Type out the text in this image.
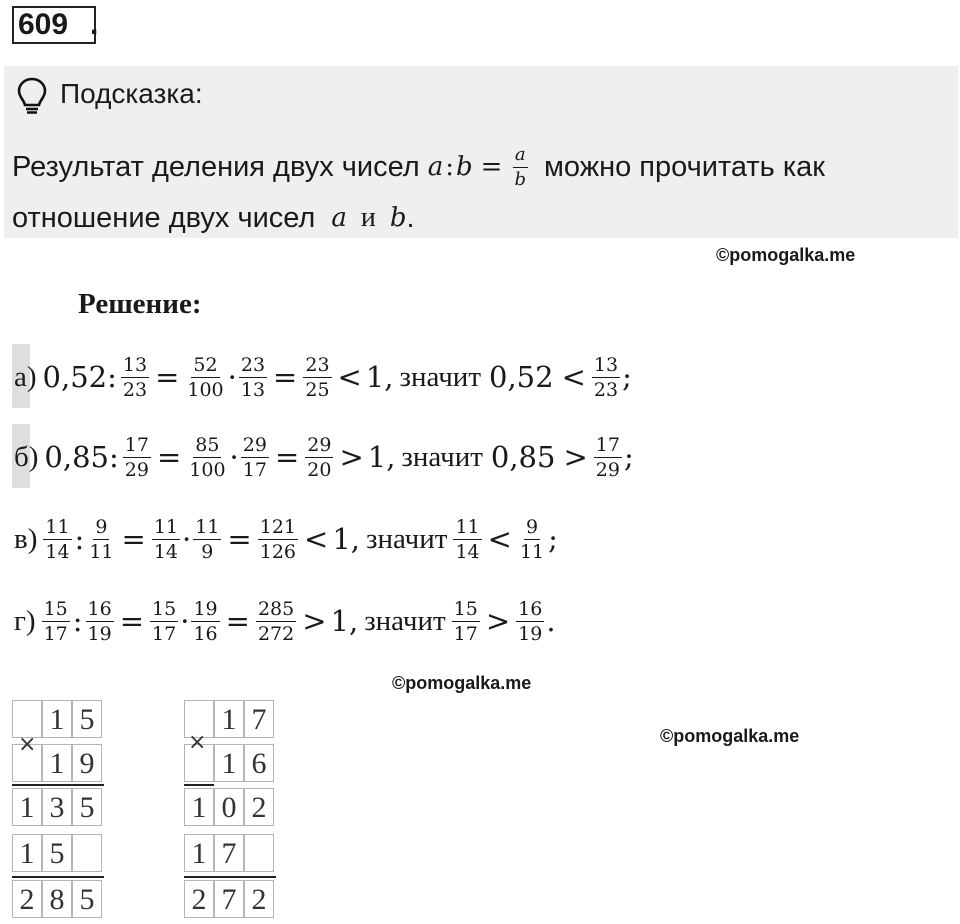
609 .
Подсказка:
Результат деления двух чисел a : $b = \frac{a}{b}$ можно прочитать как
отношение двух чисел a и b .
©pomogalka.me
©pomogalka.me
©pomogalka.me
Решение:
а) 0,52: $\frac{13}{23} = \frac{52}{100} \cdot \frac{23}{13} = \frac{23}{25} < 1$, значит $0,52 < \frac{13}{23}$ ;
б) 0,85: $\frac{17}{29} = \frac{85}{100} \cdot \frac{29}{17} = \frac{29}{20} > 1$, значит $0,85 > \frac{17}{29}$ ;
$в) \frac{11}{14}$ : $\frac{9}{11} = \frac{11}{14} \cdot \frac{11}{9} = \frac{121}{126} < 1$, значит $\frac{11}{14} < \frac{9}{11}$ ;
$г) \frac{15}{17}$ : $\frac{16}{19} = \frac{15}{17} \cdot \frac{19}{16} = \frac{285}{272} > 1$, значит $\frac{15}{17} > \frac{16}{19}$ .
1 5
1 9
1 3 5
1 5
2 8 5
×
1 7
1 6
1 0 2
1 7
2 7 2
×
